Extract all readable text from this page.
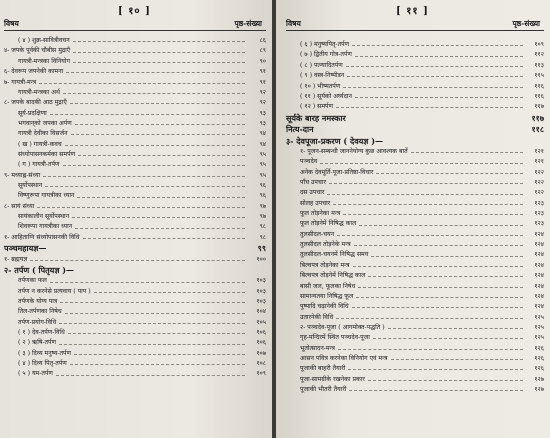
[ १० ]
विषय	पृष्ठ-संख्या
( ४ ) शुक्र-सावित्रीवचन	८६
४- जपके पूर्वकी चौबीस मुद्राएँ	८९
गायत्री-मन्त्रका विनियोग	९०
६- देवरूप जपनेकी कामना	९१
७- गायत्री-मन्त्र	९१
गायत्री-मन्त्रका अर्थ	९२
८- जपके बादकी आठ मुद्राएँ	९२
सूर्य-प्रदक्षिणा	९३
भगवान्‌को जपका अर्पण	९३
गायत्री देवीका विसर्जन	९४
( ख ) गायत्री-कवच	९४
संध्योपासनकर्मका समर्पण	९५
( ग ) गायत्री-तर्पण	९५
९- मध्याह्न-संध्या	९५
सूर्योपस्थान	९६
विष्णुरूपा गायत्रीका ध्यान	९६
८- सायं संध्या	९७
सायंकालीन सूर्योपस्थान	९७
शिवरूपा गायत्रीका ध्यान	९८
१- आहिताग्नि संध्योपासनकी विधि	९८
पञ्चमहायज्ञ—	९९
१- ब्रह्मयज्ञ	१००
२- तर्पण ( पितृयज्ञ )—
तर्पणका फल	१०३
तर्पण न करनेसे प्रत्यवाय ( पाप )	१०३
तर्पणके योग्य पात्र	१०३
तिल-तर्पणका निषेध	१०४
तर्पण-प्रयोग-विधि	१०५
( १ ) देव-तर्पण-विधि	१०६
( २ ) ऋषि-तर्पण	१०६
( ३ ) दिव्य मनुष्य-तर्पण	१०७
( ४ ) दिव्य पितृ-तर्पण	१०८
( ५ ) यम-तर्पण	१०९
[ ११ ]
विषय	पृष्ठ-संख्या
( ६ ) मनुष्यपितृ-तर्पण	१०९
( ७ ) द्वितीय गोत्र-तर्पण	११२
( ८ ) पत्न्यादितर्पण	११३
( ९ ) वस्त्र-निष्पीडन	११५
( १० ) भीष्मतर्पण	११६
( ११ ) सूर्यको अर्घ्यदान	११६
( १२ ) समर्पण	११७
सूर्यके बारह नमस्कार	११७
नित्य-दान	११८
३- देवपूजा-प्रकरण ( देवयज्ञ )—
१- पूजन-सम्बन्धी जाननेयोग्य कुछ आवश्यक बातें	१२१
पञ्चदेव	१२१
अनेक देवमूर्ति-पूजा-प्रतिष्ठा-विचार	१२२
पाँच उपचार	१२२
दस उपचार	१२२
सोलह उपचार	१२३
फूल तोड़नेका मन्त्र	१२३
फूल तोड़नेमें निषिद्ध काल	१२३
तुलसीदल-चयन	१२४
तुलसीदल तोड़नेके मन्त्र	१२४
तुलसीदल-चयनमें निषिद्ध समय	१२४
बिल्वपत्र तोड़नेका मन्त्र	१२४
बिल्वपत्र तोड़नेमें निषिद्ध काल	१२४
बासी जल, फूलका निषेध	१२४
सामान्यतया निषिद्ध फूल	१२४
पुष्पादि चढ़ानेकी विधि	१२४
उतारनेकी विधि	१२५
२- पञ्चदेव-पूजा ( आगमोक्त-पद्धति )	१२५
गृह-मन्दिरमें स्थित पञ्चदेव-पूजा	१२५
भूतोत्सादन-मन्त्र	१२६
आसन पवित्र करनेका विनियोग एवं मन्त्र	१२६
पूजाकी बाहरी तैयारी	१२६
पूजा-सामग्रीके रखनेका प्रकार	१२७
पूजाकी भीतरी तैयारी	१२७
